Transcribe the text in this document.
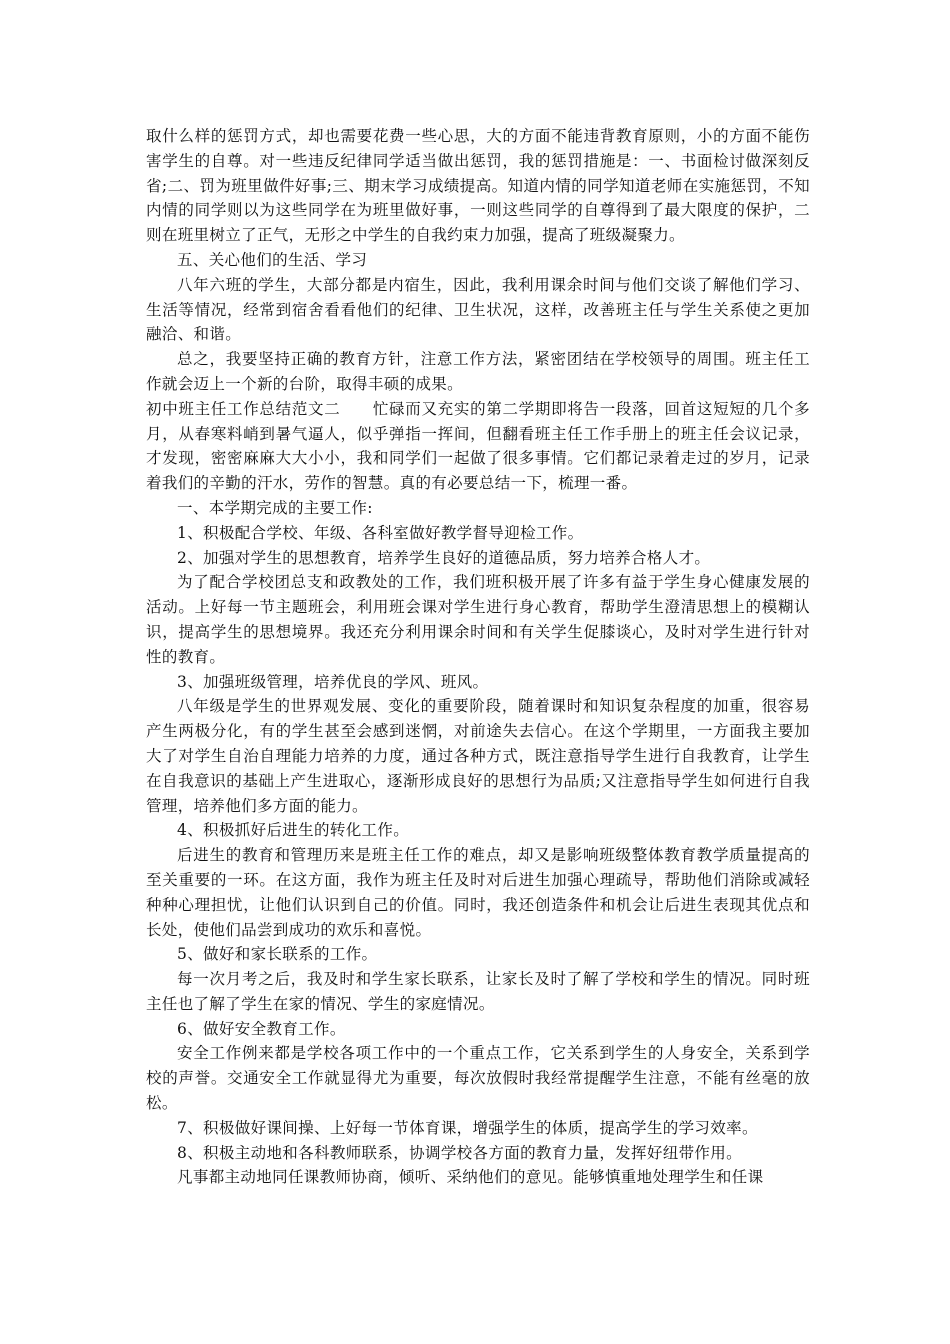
取什么样的惩罚方式，却也需要花费一些心思，大的方面不能违背教育原则，小的方面不能伤害学生的自尊。对一些违反纪律同学适当做出惩罚，我的惩罚措施是：一、书面检讨做深刻反省;二、罚为班里做件好事;三、期末学习成绩提高。知道内情的同学知道老师在实施惩罚，不知内情的同学则以为这些同学在为班里做好事，一则这些同学的自尊得到了最大限度的保护，二则在班里树立了正气，无形之中学生的自我约束力加强，提高了班级凝聚力。

五、关心他们的生活、学习

八年六班的学生，大部分都是内宿生，因此，我利用课余时间与他们交谈了解他们学习、生活等情况，经常到宿舍看看他们的纪律、卫生状况，这样，改善班主任与学生关系使之更加融洽、和谐。

总之，我要坚持正确的教育方针，注意工作方法，紧密团结在学校领导的周围。班主任工作就会迈上一个新的台阶，取得丰硕的成果。

初中班主任工作总结范文二　　忙碌而又充实的第二学期即将告一段落，回首这短短的几个多月，从春寒料峭到暑气逼人，似乎弹指一挥间，但翻看班主任工作手册上的班主任会议记录，才发现，密密麻麻大大小小，我和同学们一起做了很多事情。它们都记录着走过的岁月，记录着我们的辛勤的汗水，劳作的智慧。真的有必要总结一下，梳理一番。

一、本学期完成的主要工作:

1、积极配合学校、年级、各科室做好教学督导迎检工作。

2、加强对学生的思想教育，培养学生良好的道德品质，努力培养合格人才。

为了配合学校团总支和政教处的工作，我们班积极开展了许多有益于学生身心健康发展的活动。上好每一节主题班会，利用班会课对学生进行身心教育，帮助学生澄清思想上的模糊认识，提高学生的思想境界。我还充分利用课余时间和有关学生促膝谈心，及时对学生进行针对性的教育。

3、加强班级管理，培养优良的学风、班风。

八年级是学生的世界观发展、变化的重要阶段，随着课时和知识复杂程度的加重，很容易产生两极分化，有的学生甚至会感到迷惘，对前途失去信心。在这个学期里，一方面我主要加大了对学生自治自理能力培养的力度，通过各种方式，既注意指导学生进行自我教育，让学生在自我意识的基础上产生进取心，逐渐形成良好的思想行为品质;又注意指导学生如何进行自我管理，培养他们多方面的能力。

4、积极抓好后进生的转化工作。

后进生的教育和管理历来是班主任工作的难点，却又是影响班级整体教育教学质量提高的至关重要的一环。在这方面，我作为班主任及时对后进生加强心理疏导，帮助他们消除或减轻种种心理担忧，让他们认识到自己的价值。同时，我还创造条件和机会让后进生表现其优点和长处，使他们品尝到成功的欢乐和喜悦。

5、做好和家长联系的工作。

每一次月考之后，我及时和学生家长联系，让家长及时了解了学校和学生的情况。同时班主任也了解了学生在家的情况、学生的家庭情况。

6、做好安全教育工作。

安全工作例来都是学校各项工作中的一个重点工作，它关系到学生的人身安全，关系到学校的声誉。交通安全工作就显得尤为重要，每次放假时我经常提醒学生注意，不能有丝毫的放松。

7、积极做好课间操、上好每一节体育课，增强学生的体质，提高学生的学习效率。

8、积极主动地和各科教师联系，协调学校各方面的教育力量，发挥好纽带作用。

凡事都主动地同任课教师协商，倾听、采纳他们的意见。能够慎重地处理学生和任课
